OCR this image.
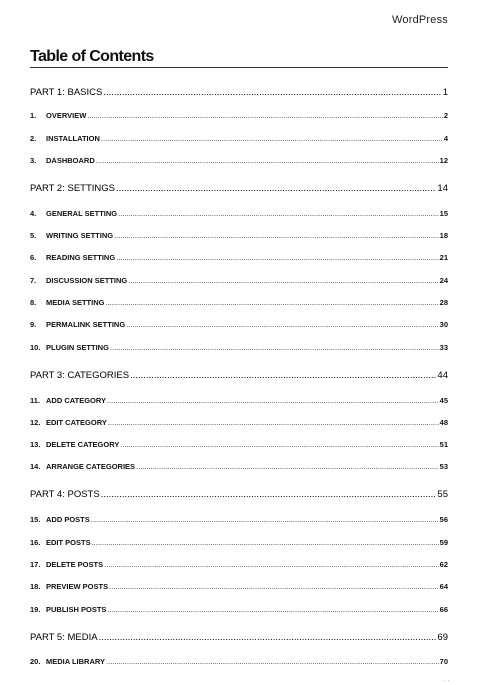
WordPress
Table of Contents
PART 1: BASICS .....	1
1.	OVERVIEW .....	2
2.	INSTALLATION .....	4
3.	DASHBOARD .....	12
PART 2: SETTINGS .....	14
4.	GENERAL SETTING .....	15
5.	WRITING SETTING .....	18
6.	READING SETTING .....	21
7.	DISCUSSION SETTING .....	24
8.	MEDIA SETTING .....	28
9.	PERMALINK SETTING .....	30
10. PLUGIN SETTING .....	33
PART 3: CATEGORIES .....	44
11. ADD CATEGORY .....	45
12. EDIT CATEGORY .....	48
13. DELETE CATEGORY .....	51
14. ARRANGE CATEGORIES .....	53
PART 4: POSTS .....	55
15. ADD POSTS .....	56
16. EDIT POSTS .....	59
17. DELETE POSTS .....	62
18. PREVIEW POSTS .....	64
19. PUBLISH POSTS .....	66
PART 5: MEDIA .....	69
20. MEDIA LIBRARY .....	70
· ·
